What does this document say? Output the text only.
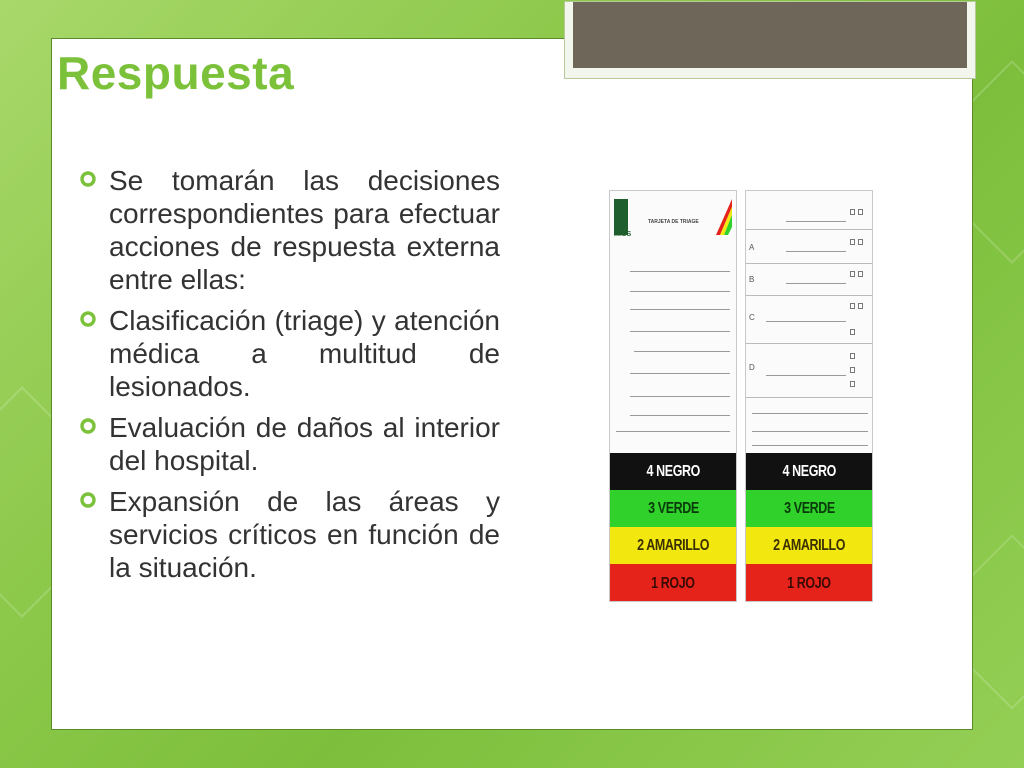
Respuesta
Se tomarán las decisiones correspondientes para efectuar acciones de respuesta externa entre ellas:
Clasificación (triage) y atención médica a multitud de lesionados.
Evaluación de daños al interior del hospital.
Expansión de las áreas y servicios críticos en función de la situación.
IMSS
TARJETA DE TRIAGE
4 NEGRO
3 VERDE
2 AMARILLO
1 ROJO
A
B
C
D
4 NEGRO
3 VERDE
2 AMARILLO
1 ROJO
